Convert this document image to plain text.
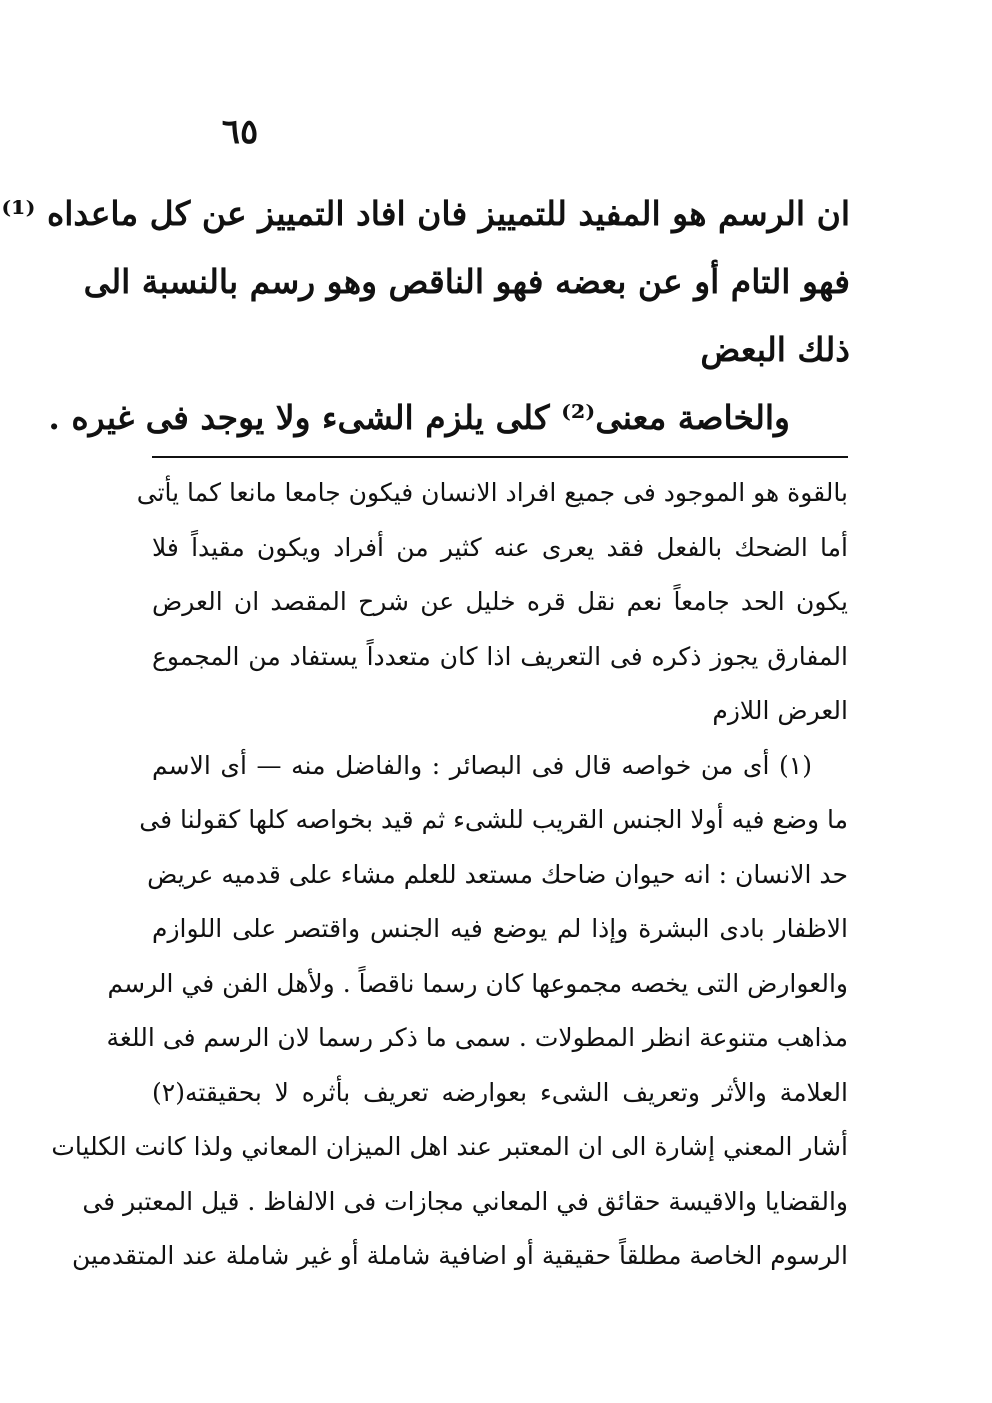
٦٥
ان الرسم هو المفيد للتمييز فان افاد التمييز عن كل ماعداه ⁽¹⁾
فهو التام أو عن بعضه فهو الناقص وهو رسم بالنسبة الى
ذلك البعض
والخاصة معنى⁽²⁾ كلى يلزم الشىء ولا يوجد فى غيره .
بالقوة هو الموجود فى جميع افراد الانسان فيكون جامعا مانعا كما يأتى
أما الضحك بالفعل فقد يعرى عنه كثير من أفراد ويكون مقيداً فلا
يكون الحد جامعاً نعم نقل قره خليل عن شرح المقصد ان العرض
المفارق يجوز ذكره فى التعريف اذا كان متعدداً يستفاد من المجموع
العرض اللازم
(١) أى من خواصه قال فى البصائر : والفاضل منه — أى الاسم
ما وضع فيه أولا الجنس القريب للشىء ثم قيد بخواصه كلها كقولنا فى
حد الانسان : انه حيوان ضاحك مستعد للعلم مشاء على قدميه عريض
الاظفار بادى البشرة وإذا لم يوضع فيه الجنس واقتصر على اللوازم
والعوارض التى يخصه مجموعها كان رسما ناقصاً . ولأهل الفن في الرسم
مذاهب متنوعة انظر المطولات . سمى ما ذكر رسما لان الرسم فى اللغة
العلامة والأثر وتعريف الشىء بعوارضه تعريف بأثره لا بحقيقته(٢)
أشار المعني إشارة الى ان المعتبر عند اهل الميزان المعاني ولذا كانت الكليات
والقضايا والاقيسة حقائق في المعاني مجازات فى الالفاظ . قيل المعتبر فى
الرسوم الخاصة مطلقاً حقيقية أو اضافية شاملة أو غير شاملة عند المتقدمين
